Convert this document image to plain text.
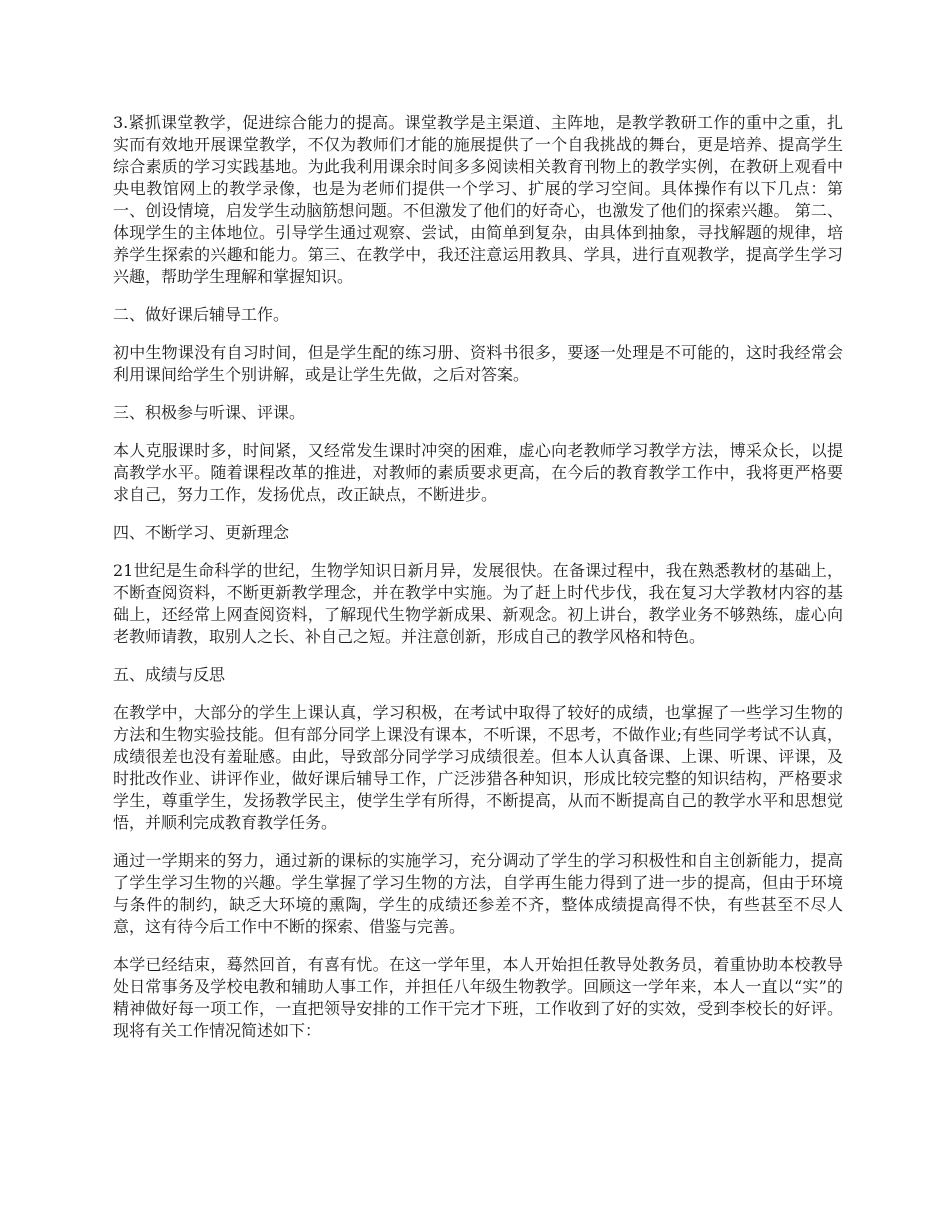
3.紧抓课堂教学，促进综合能力的提高。课堂教学是主渠道、主阵地，是教学教研工作的重中之重，扎实而有效地开展课堂教学，不仅为教师们才能的施展提供了一个自我挑战的舞台，更是培养、提高学生综合素质的学习实践基地。为此我利用课余时间多多阅读相关教育刊物上的教学实例，在教研上观看中央电教馆网上的教学录像，也是为老师们提供一个学习、扩展的学习空间。具体操作有以下几点：第一、创设情境，启发学生动脑筋想问题。不但激发了他们的好奇心，也激发了他们的探索兴趣。 第二、体现学生的主体地位。引导学生通过观察、尝试，由简单到复杂，由具体到抽象，寻找解题的规律，培养学生探索的兴趣和能力。第三、在教学中，我还注意运用教具、学具，进行直观教学，提高学生学习兴趣，帮助学生理解和掌握知识。

二、做好课后辅导工作。

初中生物课没有自习时间，但是学生配的练习册、资料书很多，要逐一处理是不可能的，这时我经常会利用课间给学生个别讲解，或是让学生先做，之后对答案。

三、积极参与听课、评课。

本人克服课时多，时间紧，又经常发生课时冲突的困难，虚心向老教师学习教学方法，博采众长，以提高教学水平。随着课程改革的推进，对教师的素质要求更高，在今后的教育教学工作中，我将更严格要求自己，努力工作，发扬优点，改正缺点，不断进步。

四、不断学习、更新理念

21世纪是生命科学的世纪，生物学知识日新月异，发展很快。在备课过程中，我在熟悉教材的基础上，不断查阅资料，不断更新教学理念，并在教学中实施。为了赶上时代步伐，我在复习大学教材内容的基础上，还经常上网查阅资料，了解现代生物学新成果、新观念。初上讲台，教学业务不够熟练，虚心向老教师请教，取别人之长、补自己之短。并注意创新，形成自己的教学风格和特色。

五、成绩与反思

在教学中，大部分的学生上课认真，学习积极，在考试中取得了较好的成绩，也掌握了一些学习生物的方法和生物实验技能。但有部分同学上课没有课本，不听课，不思考，不做作业;有些同学考试不认真，成绩很差也没有羞耻感。由此，导致部分同学学习成绩很差。但本人认真备课、上课、听课、评课，及时批改作业、讲评作业，做好课后辅导工作，广泛涉猎各种知识，形成比较完整的知识结构，严格要求学生，尊重学生，发扬教学民主，使学生学有所得，不断提高，从而不断提高自己的教学水平和思想觉悟，并顺利完成教育教学任务。

通过一学期来的努力，通过新的课标的实施学习，充分调动了学生的学习积极性和自主创新能力，提高了学生学习生物的兴趣。学生掌握了学习生物的方法，自学再生能力得到了进一步的提高，但由于环境与条件的制约，缺乏大环境的熏陶，学生的成绩还参差不齐，整体成绩提高得不快，有些甚至不尽人意，这有待今后工作中不断的探索、借鉴与完善。

本学已经结束，蓦然回首，有喜有忧。在这一学年里，本人开始担任教导处教务员，着重协助本校教导处日常事务及学校电教和辅助人事工作，并担任八年级生物教学。回顾这一学年来，本人一直以“实”的精神做好每一项工作，一直把领导安排的工作干完才下班，工作收到了好的实效，受到李校长的好评。现将有关工作情况简述如下：
